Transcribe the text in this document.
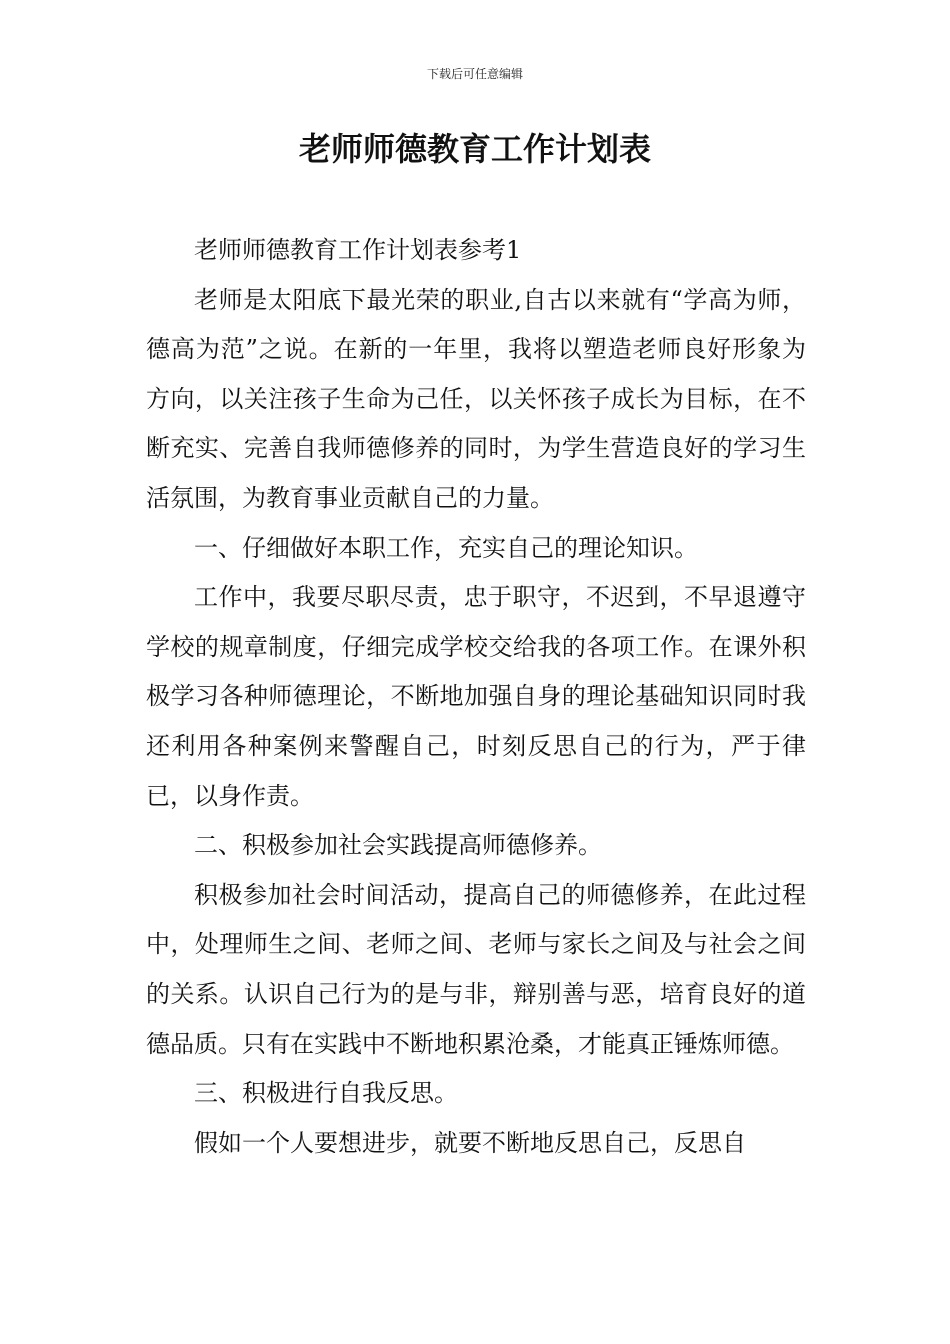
下载后可任意编辑
老师师德教育工作计划表

老师师德教育工作计划表参考1

老师是太阳底下最光荣的职业,自古以来就有“学高为师，德高为范”之说。在新的一年里，我将以塑造老师良好形象为方向，以关注孩子生命为己任，以关怀孩子成长为目标，在不断充实、完善自我师德修养的同时，为学生营造良好的学习生活氛围，为教育事业贡献自己的力量。

一、仔细做好本职工作，充实自己的理论知识。

工作中，我要尽职尽责，忠于职守，不迟到，不早退遵守学校的规章制度，仔细完成学校交给我的各项工作。在课外积极学习各种师德理论，不断地加强自身的理论基础知识同时我还利用各种案例来警醒自己，时刻反思自己的行为，严于律已，以身作责。

二、积极参加社会实践提高师德修养。

积极参加社会时间活动，提高自己的师德修养，在此过程中，处理师生之间、老师之间、老师与家长之间及与社会之间的关系。认识自己行为的是与非，辩别善与恶，培育良好的道德品质。只有在实践中不断地积累沧桑，才能真正锤炼师德。

三、积极进行自我反思。

假如一个人要想进步，就要不断地反思自己，反思自
